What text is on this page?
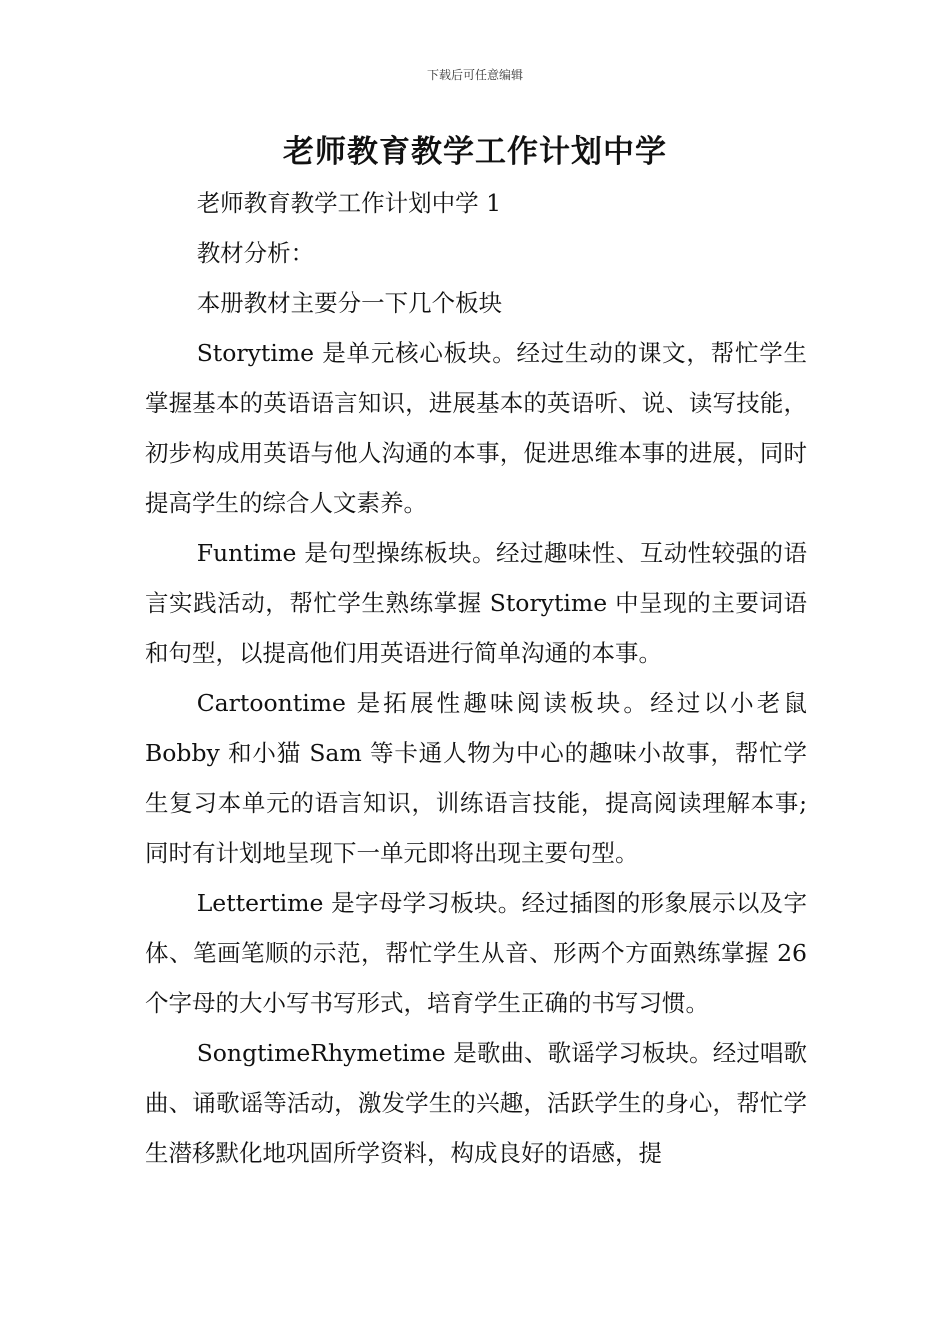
下载后可任意编辑
老师教育教学工作计划中学

老师教育教学工作计划中学 1

教材分析：

本册教材主要分一下几个板块

Storytime 是单元核心板块。经过生动的课文，帮忙学生掌握基本的英语语言知识，进展基本的英语听、说、读写技能，初步构成用英语与他人沟通的本事，促进思维本事的进展，同时提高学生的综合人文素养。

Funtime 是句型操练板块。经过趣味性、互动性较强的语言实践活动，帮忙学生熟练掌握 Storytime 中呈现的主要词语和句型，以提高他们用英语进行简单沟通的本事。

Cartoontime 是拓展性趣味阅读板块。经过以小老鼠 Bobby 和小猫 Sam 等卡通人物为中心的趣味小故事，帮忙学生复习本单元的语言知识，训练语言技能，提高阅读理解本事;同时有计划地呈现下一单元即将出现主要句型。

Lettertime 是字母学习板块。经过插图的形象展示以及字体、笔画笔顺的示范，帮忙学生从音、形两个方面熟练掌握 26 个字母的大小写书写形式，培育学生正确的书写习惯。

SongtimeRhymetime 是歌曲、歌谣学习板块。经过唱歌曲、诵歌谣等活动，激发学生的兴趣，活跃学生的身心，帮忙学生潜移默化地巩固所学资料，构成良好的语感，提
